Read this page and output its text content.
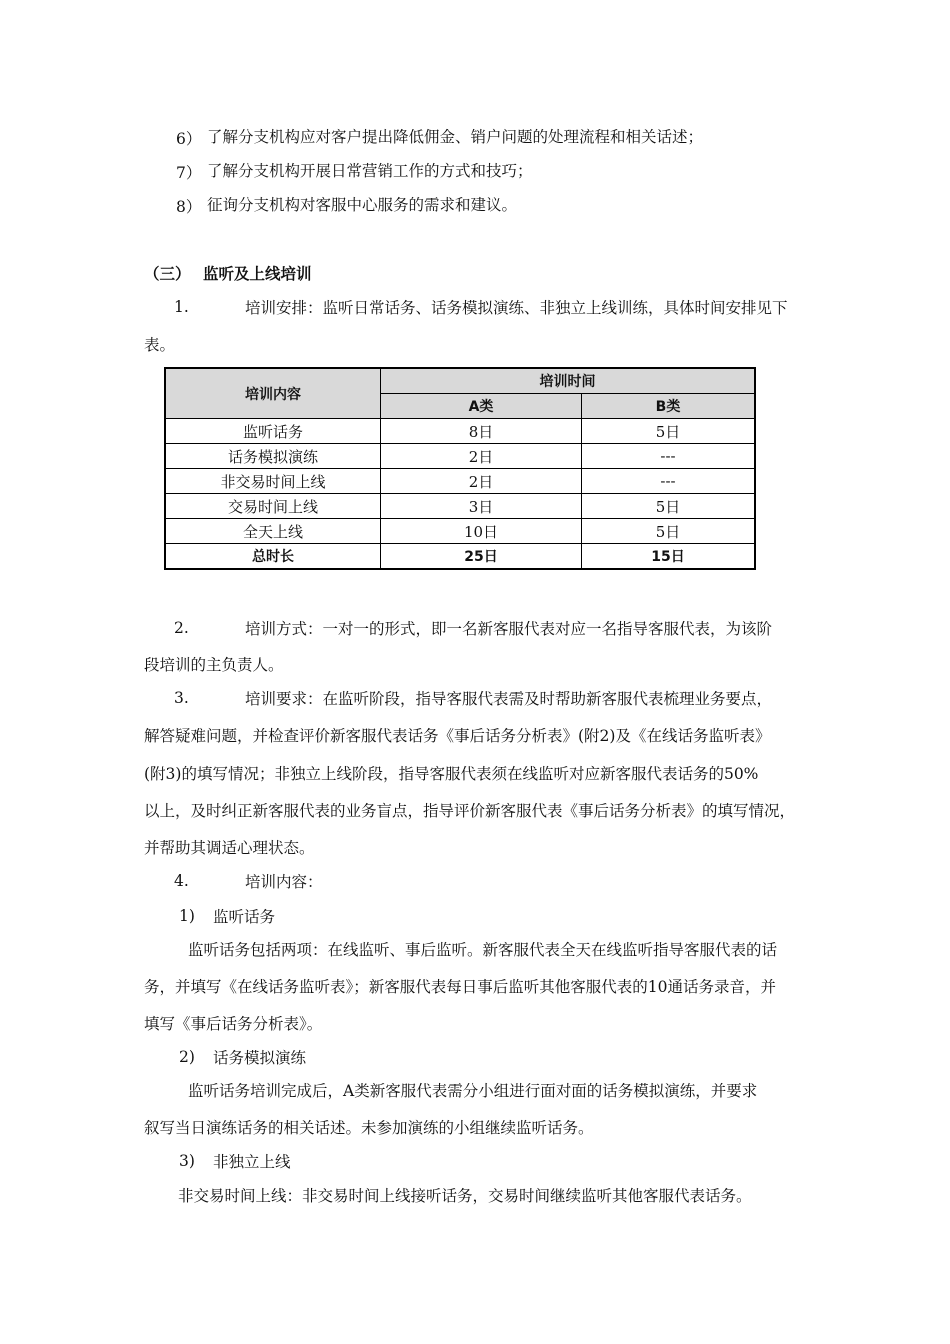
6） 了解分支机构应对客户提出降低佣金、销户问题的处理流程和相关话述；
7） 了解分支机构开展日常营销工作的方式和技巧；
8） 征询分支机构对客服中心服务的需求和建议。
（三） 监听及上线培训
1.	培训安排：监听日常话务、话务模拟演练、非独立上线训练，具体时间安排见下
表。
培训内容	培训时间	
	A类	B类
监听话务	8日	5日
话务模拟演练	2日	---
非交易时间上线	2日	---
交易时间上线	3日	5日
全天上线	10日	5日
总时长	25日	15日
2.	培训方式：一对一的形式，即一名新客服代表对应一名指导客服代表，为该阶
段培训的主负责人。
3.	培训要求：在监听阶段，指导客服代表需及时帮助新客服代表梳理业务要点，
解答疑难问题，并检查评价新客服代表话务《事后话务分析表》(附2)及《在线话务监听表》
(附3)的填写情况；非独立上线阶段，指导客服代表须在线监听对应新客服代表话务的50%
以上，及时纠正新客服代表的业务盲点，指导评价新客服代表《事后话务分析表》的填写情况，
并帮助其调适心理状态。
4.	培训内容：
1) 监听话务
监听话务包括两项：在线监听、事后监听。新客服代表全天在线监听指导客服代表的话
务，并填写《在线话务监听表》；新客服代表每日事后监听其他客服代表的10通话务录音，并
填写《事后话务分析表》。
2) 话务模拟演练
监听话务培训完成后，A类新客服代表需分小组进行面对面的话务模拟演练，并要求
叙写当日演练话务的相关话述。未参加演练的小组继续监听话务。
3) 非独立上线
非交易时间上线：非交易时间上线接听话务，交易时间继续监听其他客服代表话务。
